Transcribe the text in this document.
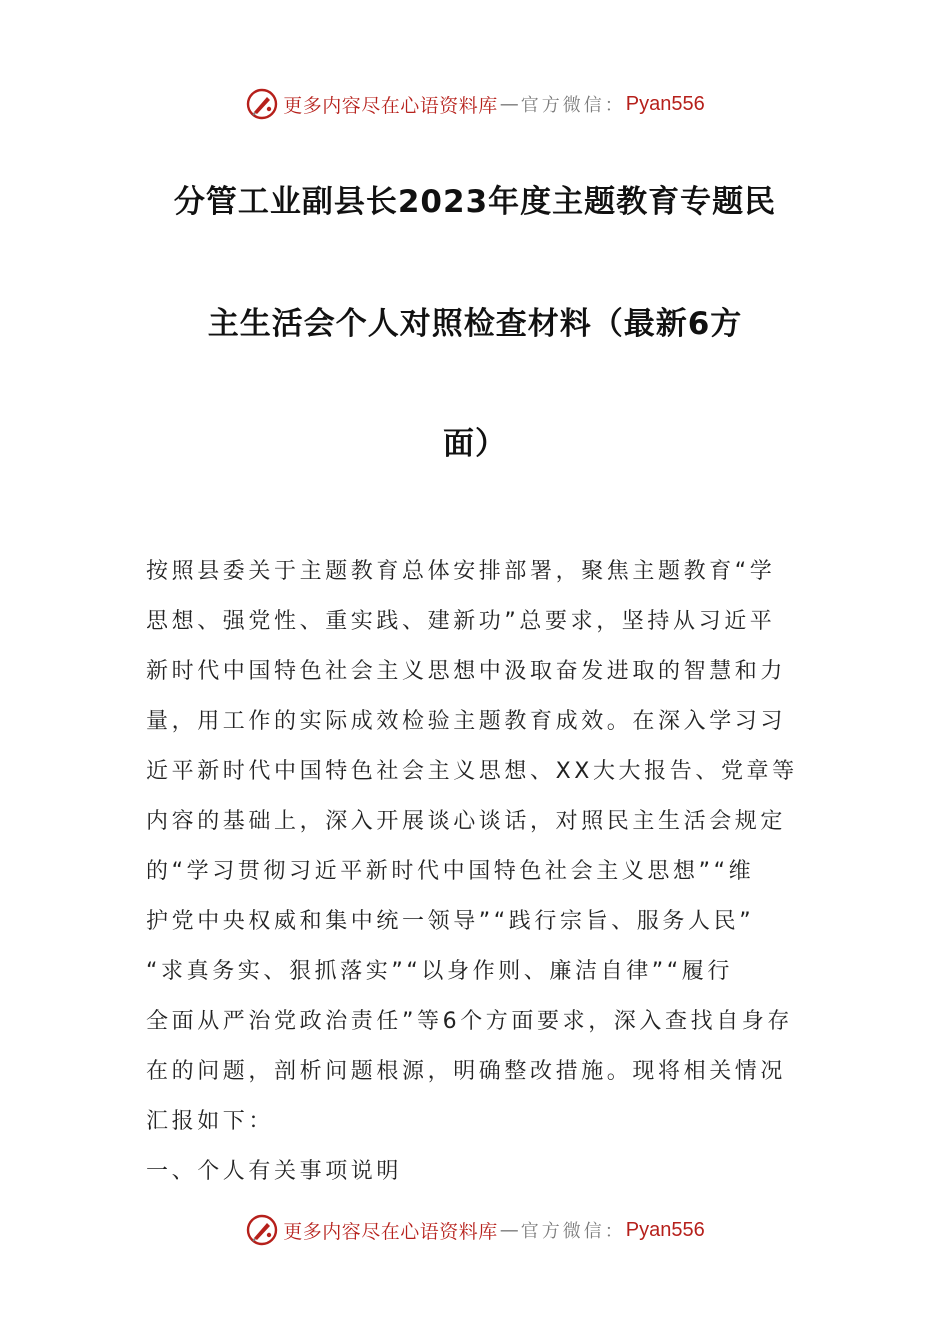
更多内容尽在心语资料库 — 官方微信： Pyan556
分管工业副县长2023年度主题教育专题民
主生活会个人对照检查材料（最新6方
面）
按照县委关于主题教育总体安排部署，聚焦主题教育“学
思想、强党性、重实践、建新功”总要求，坚持从习近平
新时代中国特色社会主义思想中汲取奋发进取的智慧和力
量，用工作的实际成效检验主题教育成效。在深入学习习
近平新时代中国特色社会主义思想、XX大大报告、党章等
内容的基础上，深入开展谈心谈话，对照民主生活会规定
的“学习贯彻习近平新时代中国特色社会主义思想”“维
护党中央权威和集中统一领导”“践行宗旨、服务人民”
“求真务实、狠抓落实”“以身作则、廉洁自律”“履行
全面从严治党政治责任”等6个方面要求，深入查找自身存
在的问题，剖析问题根源，明确整改措施。现将相关情况
汇报如下：
一、个人有关事项说明
更多内容尽在心语资料库 — 官方微信： Pyan556
